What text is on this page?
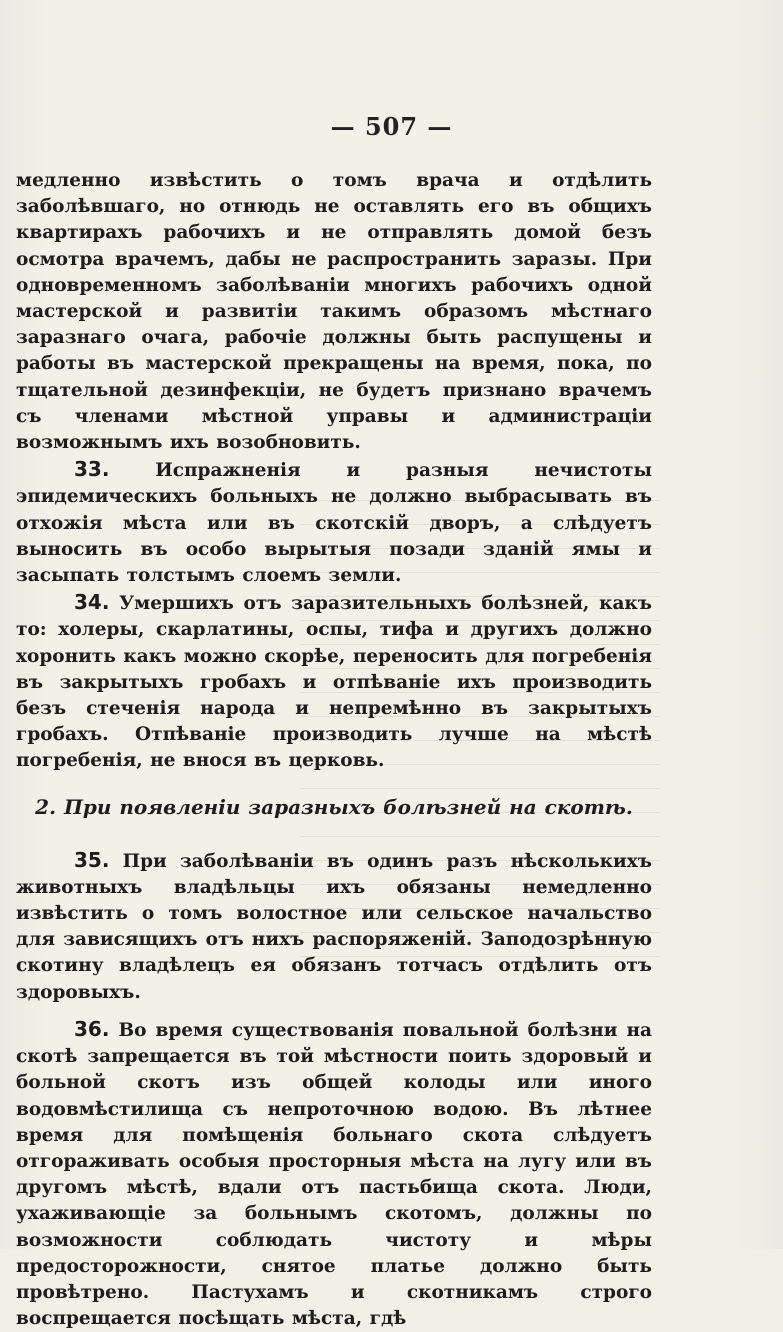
— 507 —

медленно извѣстить о томъ врача и отдѣлить заболѣвшаго, но отнюдь не оставлять его въ общихъ квартирахъ рабочихъ и не отправлять домой безъ осмотра врачемъ, дабы не распространить заразы. При одновременномъ заболѣваніи многихъ рабочихъ одной мастерской и развитіи такимъ образомъ мѣстнаго заразнаго очага, рабочіе должны быть распущены и работы въ мастерской прекращены на время, пока, по тщательной дезинфекціи, не будетъ признано врачемъ съ членами мѣстной управы и администраціи возможнымъ ихъ возобновить.

33. Испражненія и разныя нечистоты эпидемическихъ больныхъ не должно выбрасывать въ отхожія мѣста или въ скотскій дворъ, а слѣдуетъ выносить въ особо вырытыя позади зданій ямы и засыпать толстымъ слоемъ земли.

34. Умершихъ отъ заразительныхъ болѣзней, какъ то: холеры, скарлатины, оспы, тифа и другихъ должно хоронить какъ можно скорѣе, переносить для погребенія въ закрытыхъ гробахъ и отпѣваніе ихъ производить безъ стеченія народа и непремѣнно въ закрытыхъ гробахъ. Отпѣваніе производить лучше на мѣстѣ погребенія, не внося въ церковь.

2. При появленіи заразныхъ болѣзней на скотѣ.

35. При заболѣваніи въ одинъ разъ нѣсколькихъ животныхъ владѣльцы ихъ обязаны немедленно извѣстить о томъ волостное или сельское начальство для зависящихъ отъ нихъ распоряженій. Заподозрѣнную скотину владѣлецъ ея обязанъ тотчасъ отдѣлить отъ здоровыхъ.

36. Во время существованія повальной болѣзни на скотѣ запрещается въ той мѣстности поить здоровый и больной скотъ изъ общей колоды или иного водовмѣстилища съ непроточною водою. Въ лѣтнее время для помѣщенія больнаго скота слѣдуетъ отгораживать особыя просторныя мѣста на лугу или въ другомъ мѣстѣ, вдали отъ пастьбища скота. Люди, ухаживающіе за больнымъ скотомъ, должны по возможности соблюдать чистоту и мѣры предосторожности, снятое платье должно быть провѣтрено. Пастухамъ и скотникамъ строго воспрещается посѣщать мѣста, гдѣ
